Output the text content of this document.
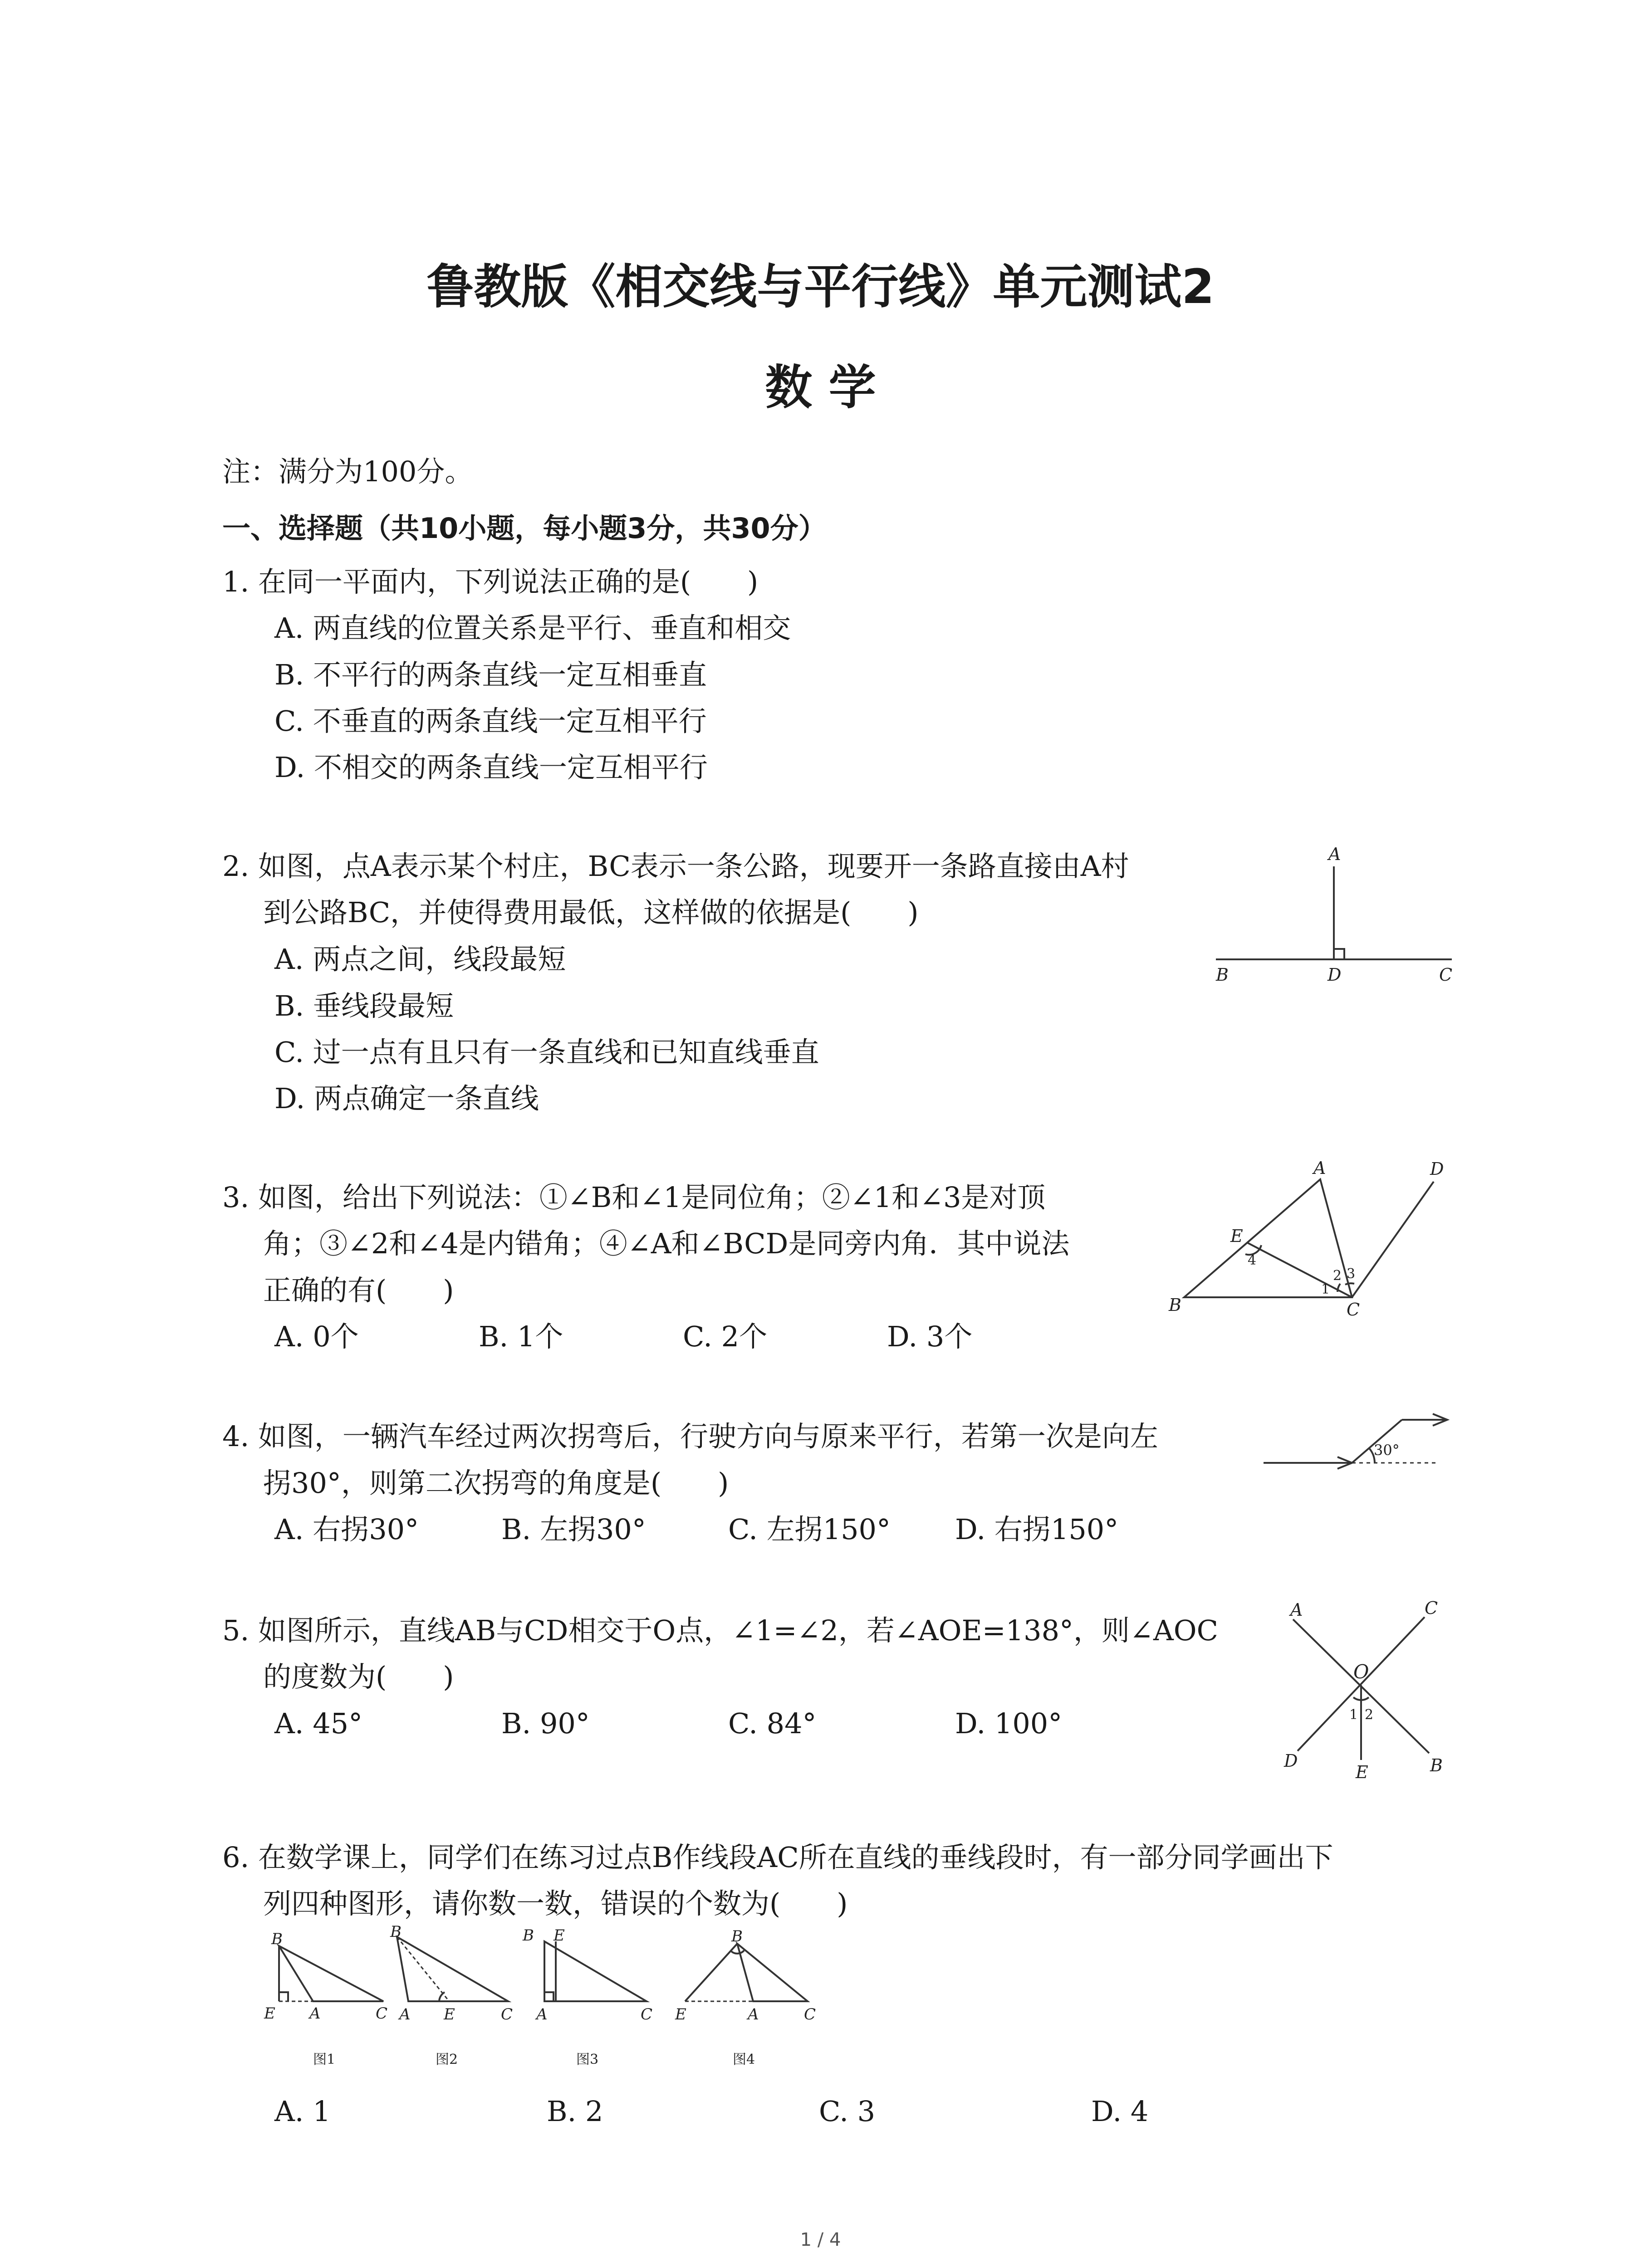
鲁教版《相交线与平行线》单元测试2
数 学
注：满分为100分。
一、选择题（共10小题，每小题3分，共30分）
1. 在同一平面内，下列说法正确的是(　　)
A. 两直线的位置关系是平行、垂直和相交
B. 不平行的两条直线一定互相垂直
C. 不垂直的两条直线一定互相平行
D. 不相交的两条直线一定互相平行
2. 如图，点A表示某个村庄，BC表示一条公路，现要开一条路直接由A村
到公路BC，并使得费用最低，这样做的依据是(　　)
A. 两点之间，线段最短
B. 垂线段最短
C. 过一点有且只有一条直线和已知直线垂直
D. 两点确定一条直线
A
B	D	C
3. 如图，给出下列说法：①∠B和∠1是同位角；②∠1和∠3是对顶
角；③∠2和∠4是内错角；④∠A和∠BCD是同旁内角．其中说法
正确的有(　　)
A. 0个	B. 1个	C. 2个	D. 3个
A	D
E
4
2 3
1
B	C
4. 如图，一辆汽车经过两次拐弯后，行驶方向与原来平行，若第一次是向左
拐30°，则第二次拐弯的角度是(　　)
A. 右拐30°	B. 左拐30°	C. 左拐150° D. 右拐150°
30°
5. 如图所示，直线AB与CD相交于O点，∠1=∠2，若∠AOE=138°，则∠AOC
的度数为(　　)
A. 45°	B. 90°	C. 84°	D. 100°
A	C
O
1 2
D
E	B
6. 在数学课上，同学们在练习过点B作线段AC所在直线的垂线段时，有一部分同学画出下
列四种图形，请你数一数，错误的个数为(　　)
B
E A	C
图1
B
A E	C
图2
B E
A	C
图3
B
E	A	C
图4
A. 1	B. 2	C. 3	D. 4
1 / 4
